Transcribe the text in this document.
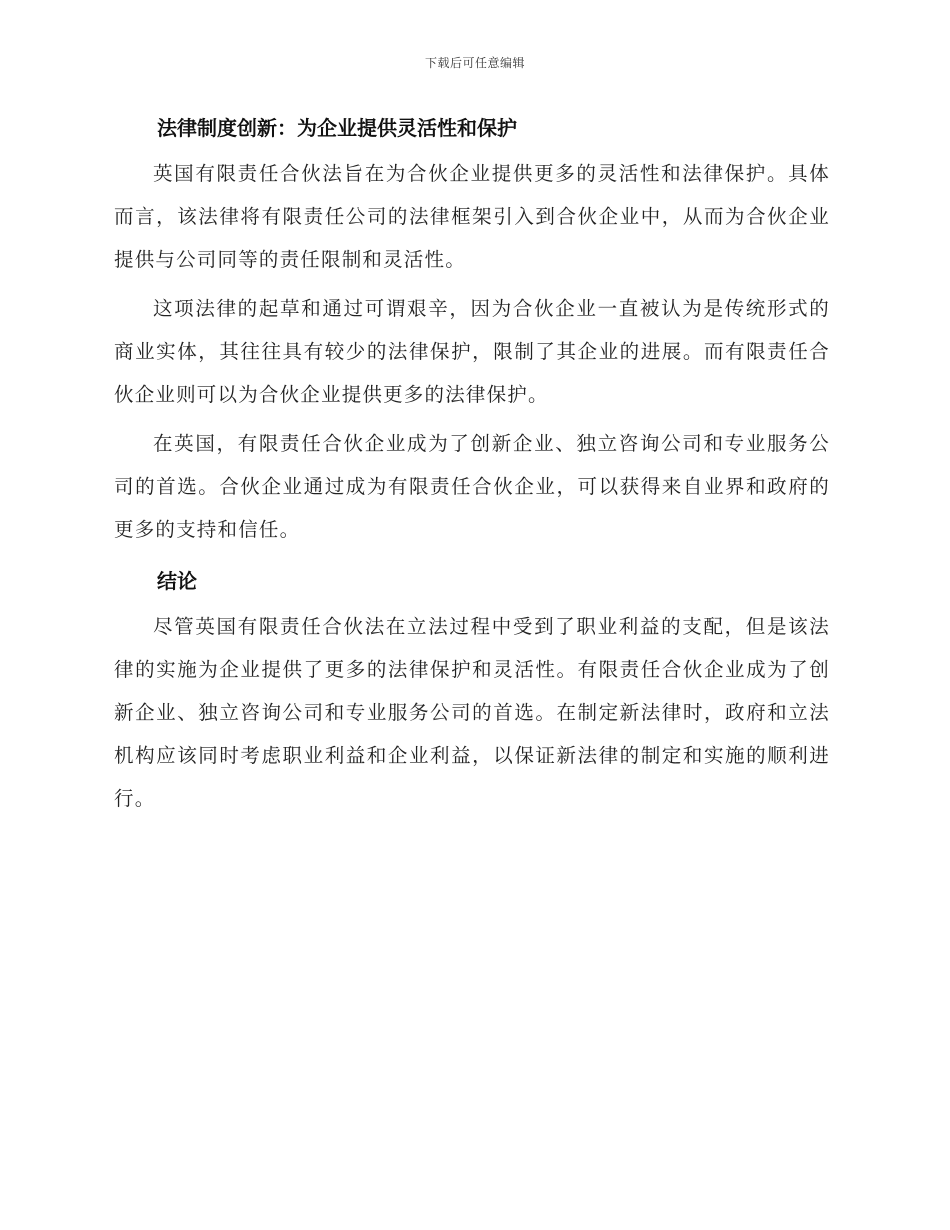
下载后可任意编辑
法律制度创新：为企业提供灵活性和保护

英国有限责任合伙法旨在为合伙企业提供更多的灵活性和法律保护。具体而言，该法律将有限责任公司的法律框架引入到合伙企业中，从而为合伙企业提供与公司同等的责任限制和灵活性。

这项法律的起草和通过可谓艰辛，因为合伙企业一直被认为是传统形式的商业实体，其往往具有较少的法律保护，限制了其企业的进展。而有限责任合伙企业则可以为合伙企业提供更多的法律保护。

在英国，有限责任合伙企业成为了创新企业、独立咨询公司和专业服务公司的首选。合伙企业通过成为有限责任合伙企业，可以获得来自业界和政府的更多的支持和信任。

结论

尽管英国有限责任合伙法在立法过程中受到了职业利益的支配，但是该法律的实施为企业提供了更多的法律保护和灵活性。有限责任合伙企业成为了创新企业、独立咨询公司和专业服务公司的首选。在制定新法律时，政府和立法机构应该同时考虑职业利益和企业利益，以保证新法律的制定和实施的顺利进行。
